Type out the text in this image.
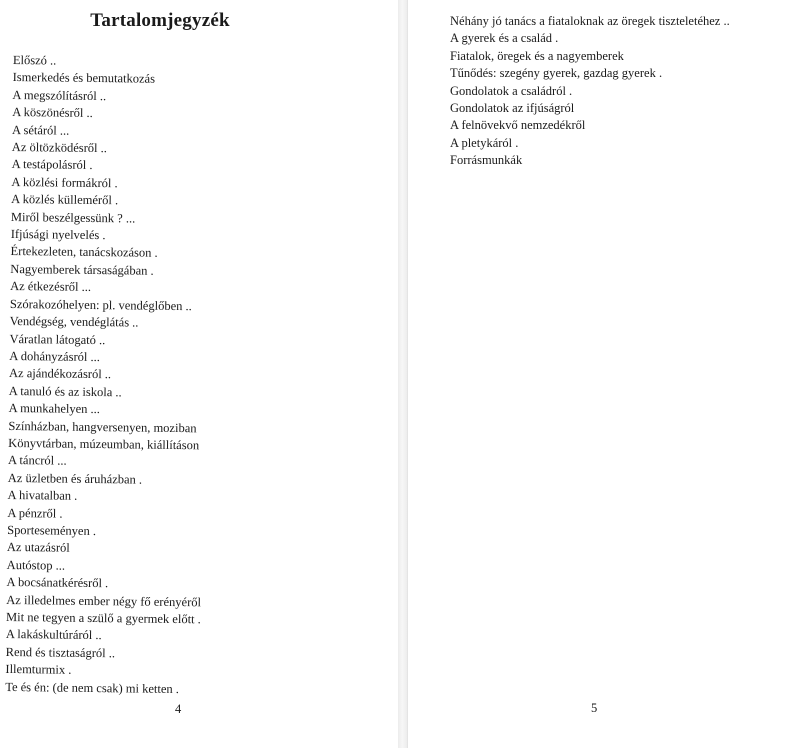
Tartalomjegyzék
Előszó ..
Ismerkedés és bemutatkozás
A megszólításról ..
A köszönésről ..
A sétáról ...
Az öltözködésről ..
A testápolásról .
A közlési formákról .
A közlés külleméről .
Miről beszélgessünk ? ...
Ifjúsági nyelvelés .
Értekezleten, tanácskozáson .
Nagyemberek társaságában .
Az étkezésről ...
Szórakozóhelyen: pl. vendéglőben ..
Vendégség, vendéglátás ..
Váratlan látogató ..
A dohányzásról ...
Az ajándékozásról ..
A tanuló és az iskola ..
A munkahelyen ...
Színházban, hangversenyen, moziban
Könyvtárban, múzeumban, kiállításon
A táncról ...
Az üzletben és áruházban .
A hivatalban .
A pénzről .
Sporteseményen .
Az utazásról
Autóstop ...
A bocsánatkérésről .
Az illedelmes ember négy fő erényéről
Mit ne tegyen a szülő a gyermek előtt .
A lakáskultúráról ..
Rend és tisztaságról ..
Illemturmix .
Te és én: (de nem csak) mi ketten .
4
Néhány jó tanács a fiataloknak az öregek tiszteletéhez ..
A gyerek és a család .
Fiatalok, öregek és a nagyemberek
Tűnődés: szegény gyerek, gazdag gyerek .
Gondolatok a családról .
Gondolatok az ifjúságról
A felnövekvő nemzedékről
A pletykáról .
Forrásmunkák
5
